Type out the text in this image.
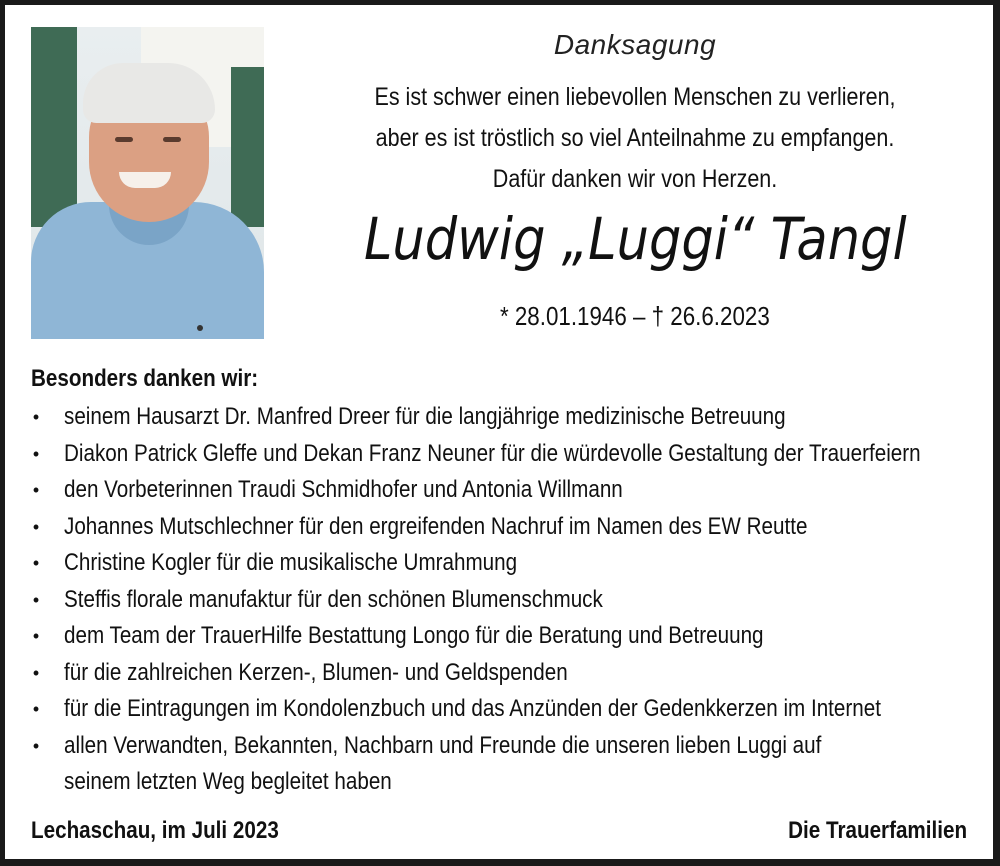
Danksagung
Es ist schwer einen liebevollen Menschen zu verlieren,
aber es ist tröstlich so viel Anteilnahme zu empfangen.
Dafür danken wir von Herzen.
Ludwig „Luggi“ Tangl
* 28.01.1946 – † 26.6.2023
Besonders danken wir:
• seinem Hausarzt Dr. Manfred Dreer für die langjährige medizinische Betreuung
• Diakon Patrick Gleffe und Dekan Franz Neuner für die würdevolle Gestaltung der Trauerfeiern
• den Vorbeterinnen Traudi Schmidhofer und Antonia Willmann
• Johannes Mutschlechner für den ergreifenden Nachruf im Namen des EW Reutte
• Christine Kogler für die musikalische Umrahmung
• Steffis florale manufaktur für den schönen Blumenschmuck
• dem Team der TrauerHilfe Bestattung Longo für die Beratung und Betreuung
• für die zahlreichen Kerzen-, Blumen- und Geldspenden
• für die Eintragungen im Kondolenzbuch und das Anzünden der Gedenkkerzen im Internet
• allen Verwandten, Bekannten, Nachbarn und Freunde die unseren lieben Luggi auf
seinem letzten Weg begleitet haben
Lechaschau, im Juli 2023	Die Trauerfamilien
